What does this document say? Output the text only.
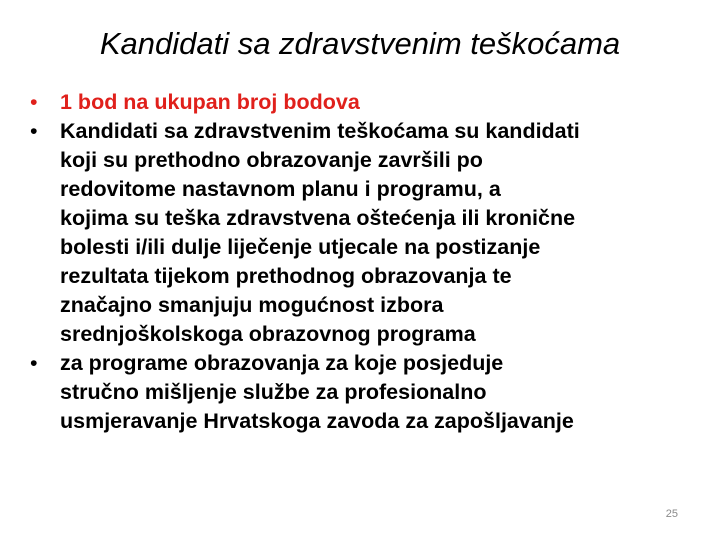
Kandidati sa zdravstvenim teškoćama
•	1 bod na ukupan broj bodova
•	Kandidati sa zdravstvenim teškoćama su kandidati
koji su prethodno obrazovanje završili po
redovitome nastavnom planu i programu, a
kojima su teška zdravstvena oštećenja ili kronične
bolesti i/ili dulje liječenje utjecale na postizanje
rezultata tijekom prethodnog obrazovanja te
značajno smanjuju mogućnost izbora
srednjoškolskoga obrazovnog programa
•	za programe obrazovanja za koje posjeduje
stručno mišljenje službe za profesionalno
usmjeravanje Hrvatskoga zavoda za zapošljavanje
25
